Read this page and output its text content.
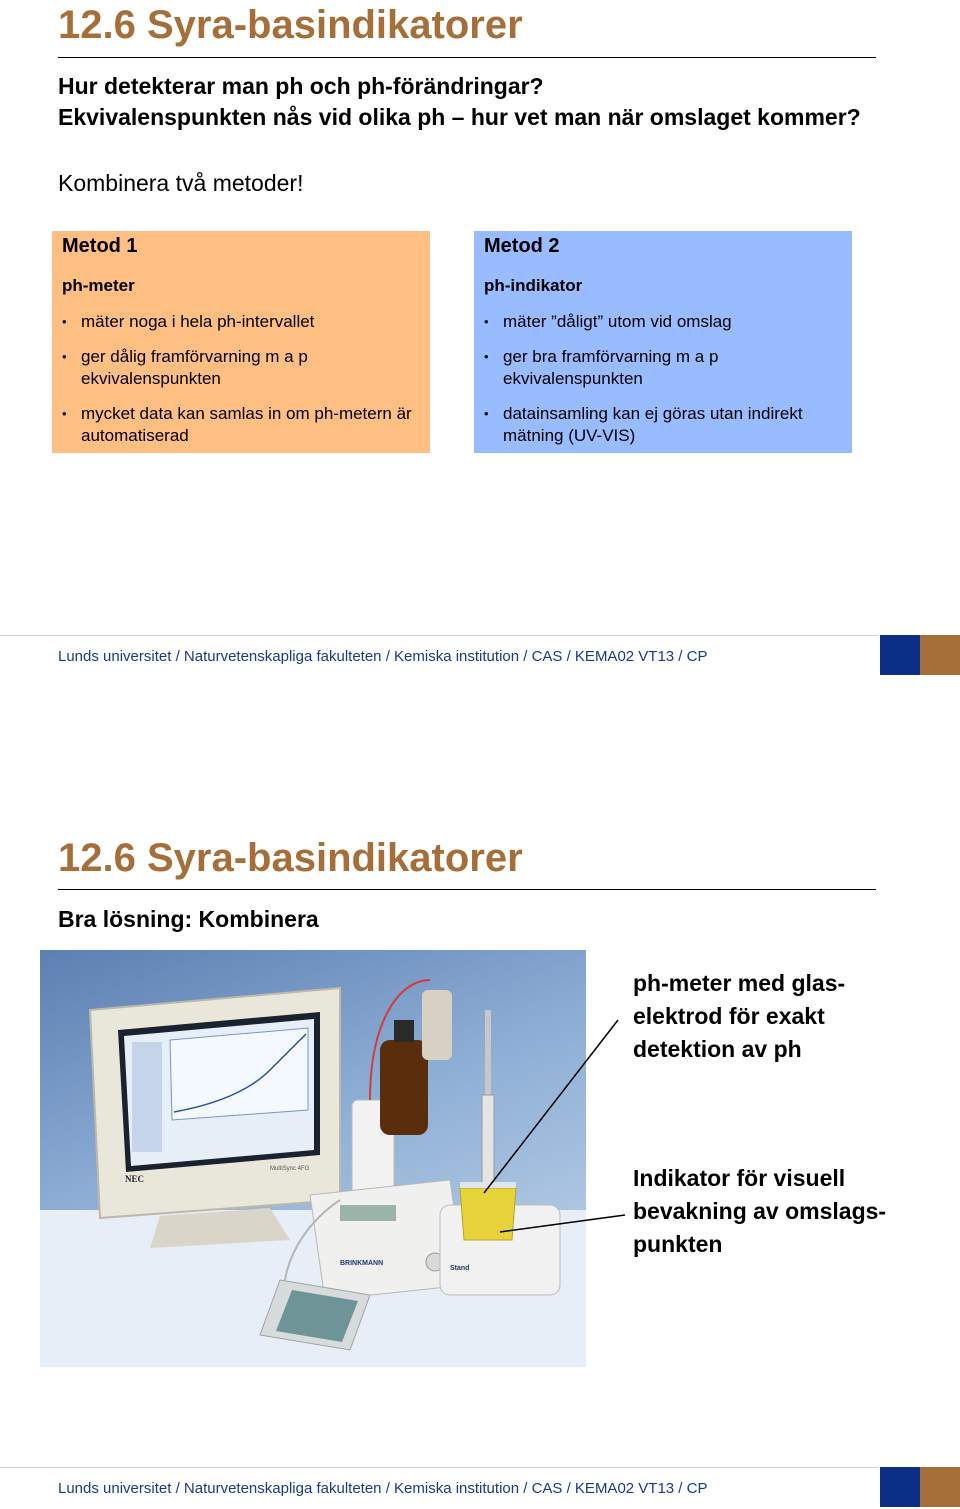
12.6 Syra-basindikatorer
Hur detekterar man ph och ph-förändringar?
Ekvivalenspunkten nås vid olika ph – hur vet man när omslaget kommer?
Kombinera två metoder!
Metod 1
ph-meter
• mäter noga i hela ph-intervallet
• ger dålig framförvarning m a p ekvivalenspunkten
• mycket data kan samlas in om ph-metern är automatiserad
Metod 2
ph-indikator
• mäter ”dåligt” utom vid omslag
• ger bra framförvarning m a p ekvivalenspunkten
• datainsamling kan ej göras utan indirekt mätning (UV-VIS)
Lunds universitet / Naturvetenskapliga fakulteten / Kemiska institution / CAS / KEMA02 VT13 / CP
12.6 Syra-basindikatorer
Bra lösning: Kombinera
NEC
MultiSync 4FG
BRINKMANN
Stand
ph-meter med glas-elektrod för exakt detektion av ph
Indikator för visuell bevakning av omslags-punkten
Lunds universitet / Naturvetenskapliga fakulteten / Kemiska institution / CAS / KEMA02 VT13 / CP
